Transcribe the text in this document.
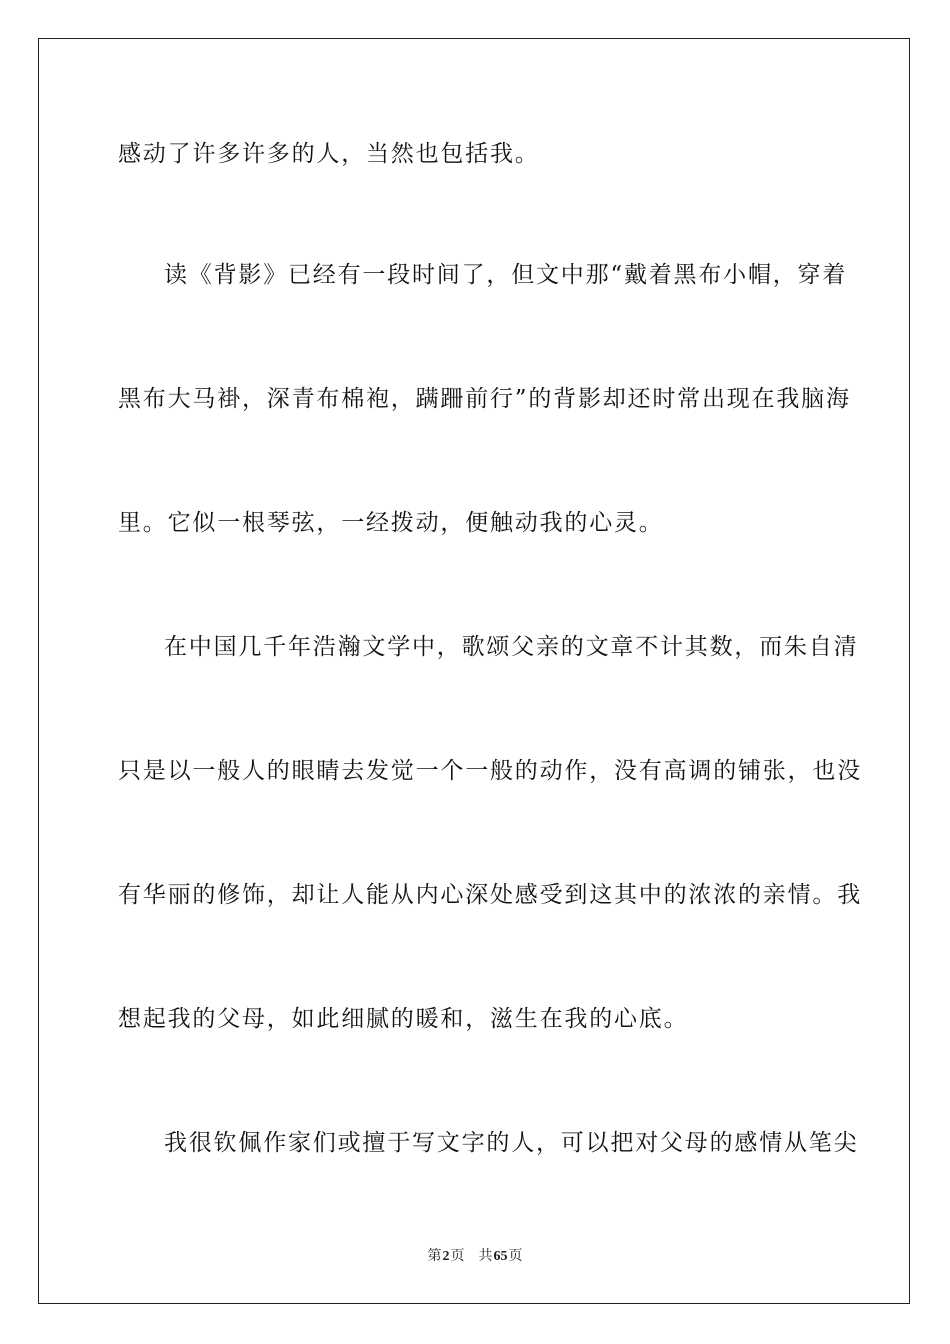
感动了许多许多的人，当然也包括我。
读《背影》已经有一段时间了，但文中那“戴着黑布小帽，穿着
黑布大马褂，深青布棉袍，蹒跚前行”的背影却还时常出现在我脑海
里。它似一根琴弦，一经拨动，便触动我的心灵。
在中国几千年浩瀚文学中，歌颂父亲的文章不计其数，而朱自清
只是以一般人的眼睛去发觉一个一般的动作，没有高调的铺张，也没
有华丽的修饰，却让人能从内心深处感受到这其中的浓浓的亲情。我
想起我的父母，如此细腻的暖和，滋生在我的心底。
我很钦佩作家们或擅于写文字的人，可以把对父母的感情从笔尖
第2页 共65页
